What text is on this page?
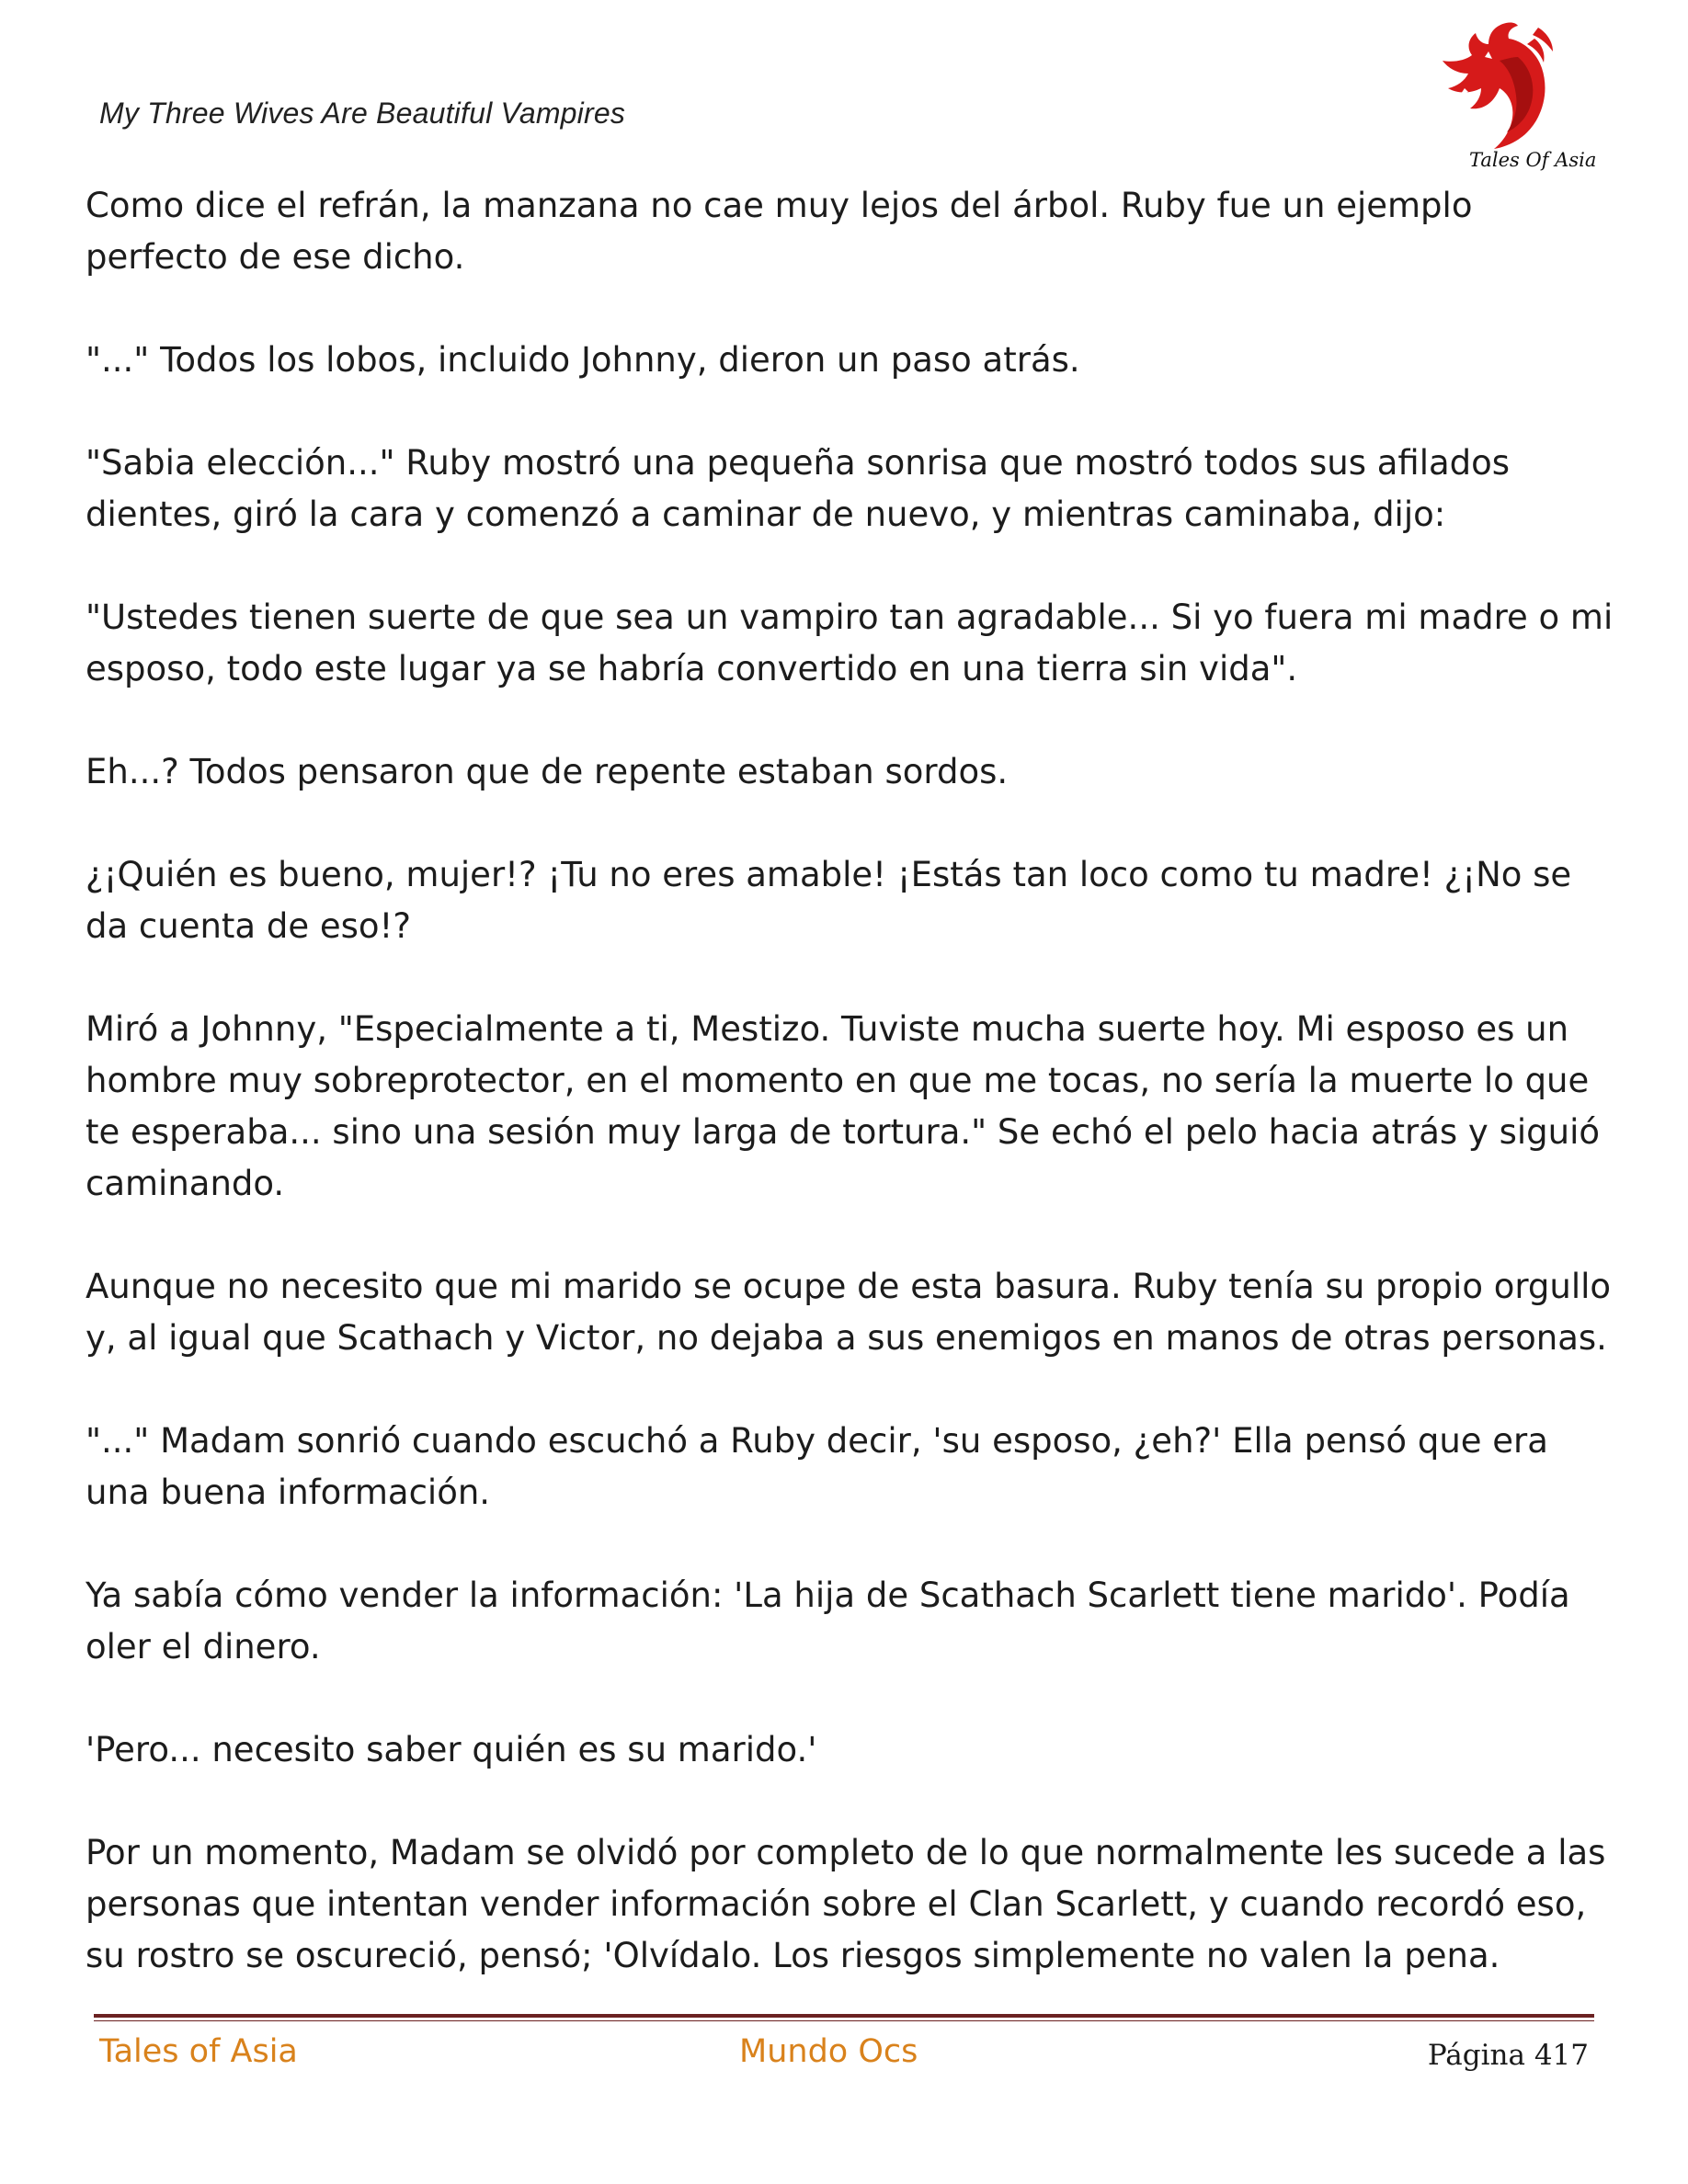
My Three Wives Are Beautiful Vampires
Tales Of Asia

Como dice el refrán, la manzana no cae muy lejos del árbol. Ruby fue un ejemplo perfecto de ese dicho.

"..." Todos los lobos, incluido Johnny, dieron un paso atrás.

"Sabia elección..." Ruby mostró una pequeña sonrisa que mostró todos sus afilados dientes, giró la cara y comenzó a caminar de nuevo, y mientras caminaba, dijo:

"Ustedes tienen suerte de que sea un vampiro tan agradable... Si yo fuera mi madre o mi esposo, todo este lugar ya se habría convertido en una tierra sin vida".

Eh...? Todos pensaron que de repente estaban sordos.

¿¡Quién es bueno, mujer!? ¡Tu no eres amable! ¡Estás tan loco como tu madre! ¿¡No se da cuenta de eso!?

Miró a Johnny, "Especialmente a ti, Mestizo. Tuviste mucha suerte hoy. Mi esposo es un hombre muy sobreprotector, en el momento en que me tocas, no sería la muerte lo que te esperaba... sino una sesión muy larga de tortura." Se echó el pelo hacia atrás y siguió caminando.

Aunque no necesito que mi marido se ocupe de esta basura. Ruby tenía su propio orgullo y, al igual que Scathach y Victor, no dejaba a sus enemigos en manos de otras personas.

"..." Madam sonrió cuando escuchó a Ruby decir, 'su esposo, ¿eh?' Ella pensó que era una buena información.

Ya sabía cómo vender la información: 'La hija de Scathach Scarlett tiene marido'. Podía oler el dinero.

'Pero... necesito saber quién es su marido.'

Por un momento, Madam se olvidó por completo de lo que normalmente les sucede a las personas que intentan vender información sobre el Clan Scarlett, y cuando recordó eso, su rostro se oscureció, pensó; 'Olvídalo. Los riesgos simplemente no valen la pena.

Tales of Asia	Mundo Ocs	Página 417
